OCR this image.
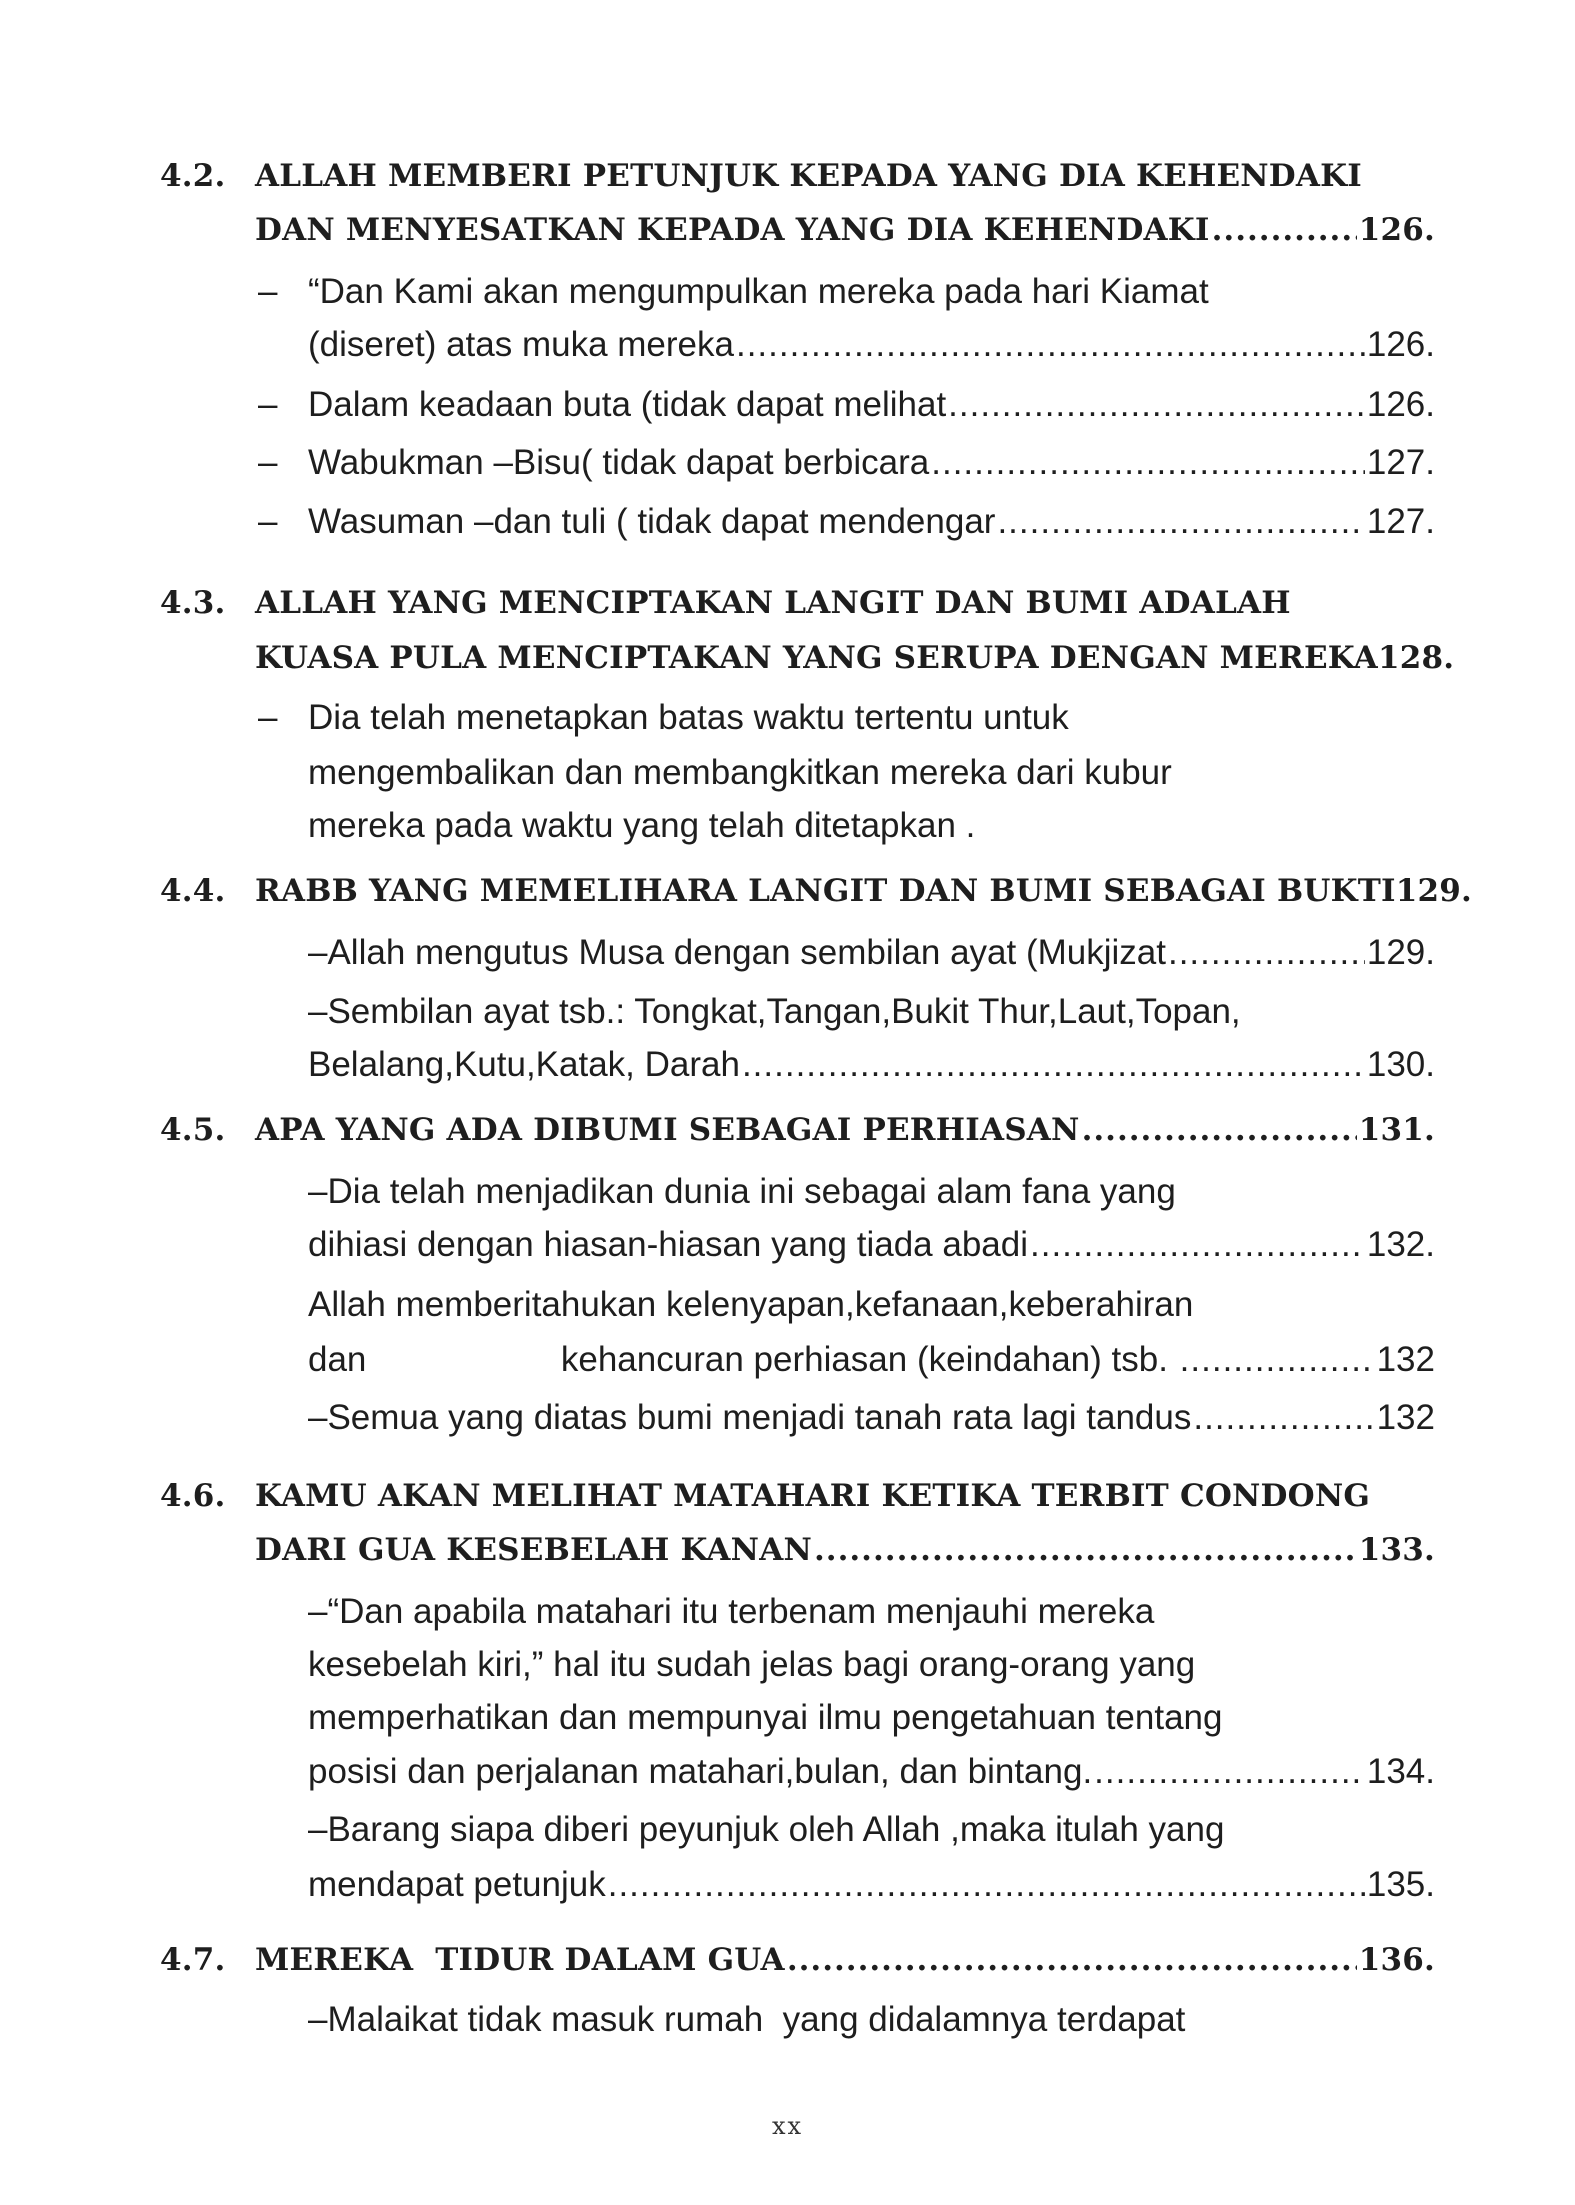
4.2. ALLAH MEMBERI PETUNJUK KEPADA YANG DIA KEHENDAKI
DAN MENYESATKAN KEPADA YANG DIA KEHENDAKI .....	126.
– “Dan Kami akan mengumpulkan mereka pada hari Kiamat
(diseret) atas muka mereka .....	126.
– Dalam keadaan buta (tidak dapat melihat .....	126.
– Wabukman –Bisu( tidak dapat berbicara .....	127.
– Wasuman –dan tuli ( tidak dapat mendengar .....	127.
4.3. ALLAH YANG MENCIPTAKAN LANGIT DAN BUMI ADALAH
KUASA PULA MENCIPTAKAN YANG SERUPA DENGAN MEREKA 128.
– Dia telah menetapkan batas waktu tertentu untuk
mengembalikan dan membangkitkan mereka dari kubur
mereka pada waktu yang telah ditetapkan .
4.4. RABB YANG MEMELIHARA LANGIT DAN BUMI SEBAGAI BUKTI 129.
–Allah mengutus Musa dengan sembilan ayat (Mukjizat .....	129.
–Sembilan ayat tsb.: Tongkat,Tangan,Bukit Thur,Laut,Topan,
Belalang,Kutu,Katak, Darah .....	130.
4.5. APA YANG ADA DIBUMI SEBAGAI PERHIASAN .....	131.
–Dia telah menjadikan dunia ini sebagai alam fana yang
dihiasi dengan hiasan-hiasan yang tiada abadi .....	132.
Allah memberitahukan kelenyapan,kefanaan,keberahiran
dan                    kehancuran perhiasan (keindahan) tsb. .....	132
–Semua yang diatas bumi menjadi tanah rata lagi tandus .....	132
4.6. KAMU AKAN MELIHAT MATAHARI KETIKA TERBIT CONDONG
DARI GUA KESEBELAH KANAN .....	133.
–“Dan apabila matahari itu terbenam menjauhi mereka
kesebelah kiri,” hal itu sudah jelas bagi orang-orang yang
memperhatikan dan mempunyai ilmu pengetahuan tentang
posisi dan perjalanan matahari,bulan, dan bintang. .....	134.
–Barang siapa diberi peyunjuk oleh Allah ,maka itulah yang
mendapat petunjuk .....	135.
4.7. MEREKA  TIDUR DALAM GUA .....	136.
–Malaikat tidak masuk rumah  yang didalamnya terdapat
xx
